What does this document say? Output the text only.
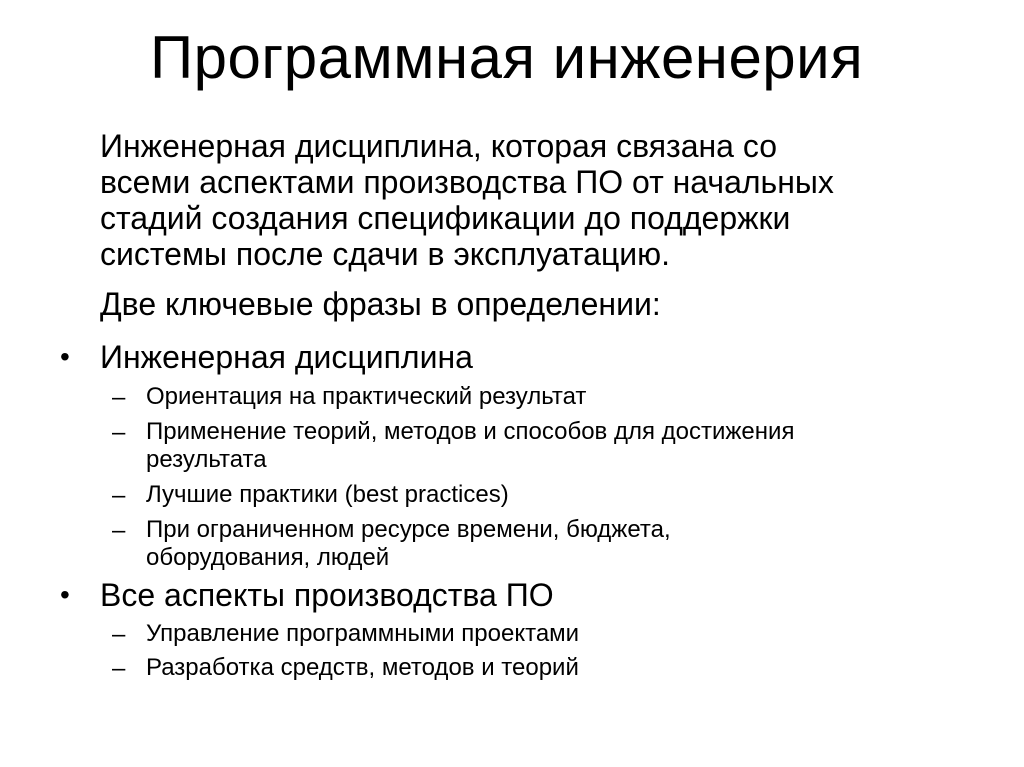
Программная инженерия
Инженерная дисциплина, которая связана со
всеми аспектами производства ПО от начальных
стадий создания спецификации до поддержки
системы после сдачи в эксплуатацию.
Две ключевые фразы в определении:
• Инженерная дисциплина
– Ориентация на практический результат
– Применение теорий, методов и способов для достижения
результата
– Лучшие практики (best practices)
– При ограниченном ресурсе времени, бюджета,
оборудования, людей
• Все аспекты производства ПО
– Управление программными проектами
– Разработка средств, методов и теорий
